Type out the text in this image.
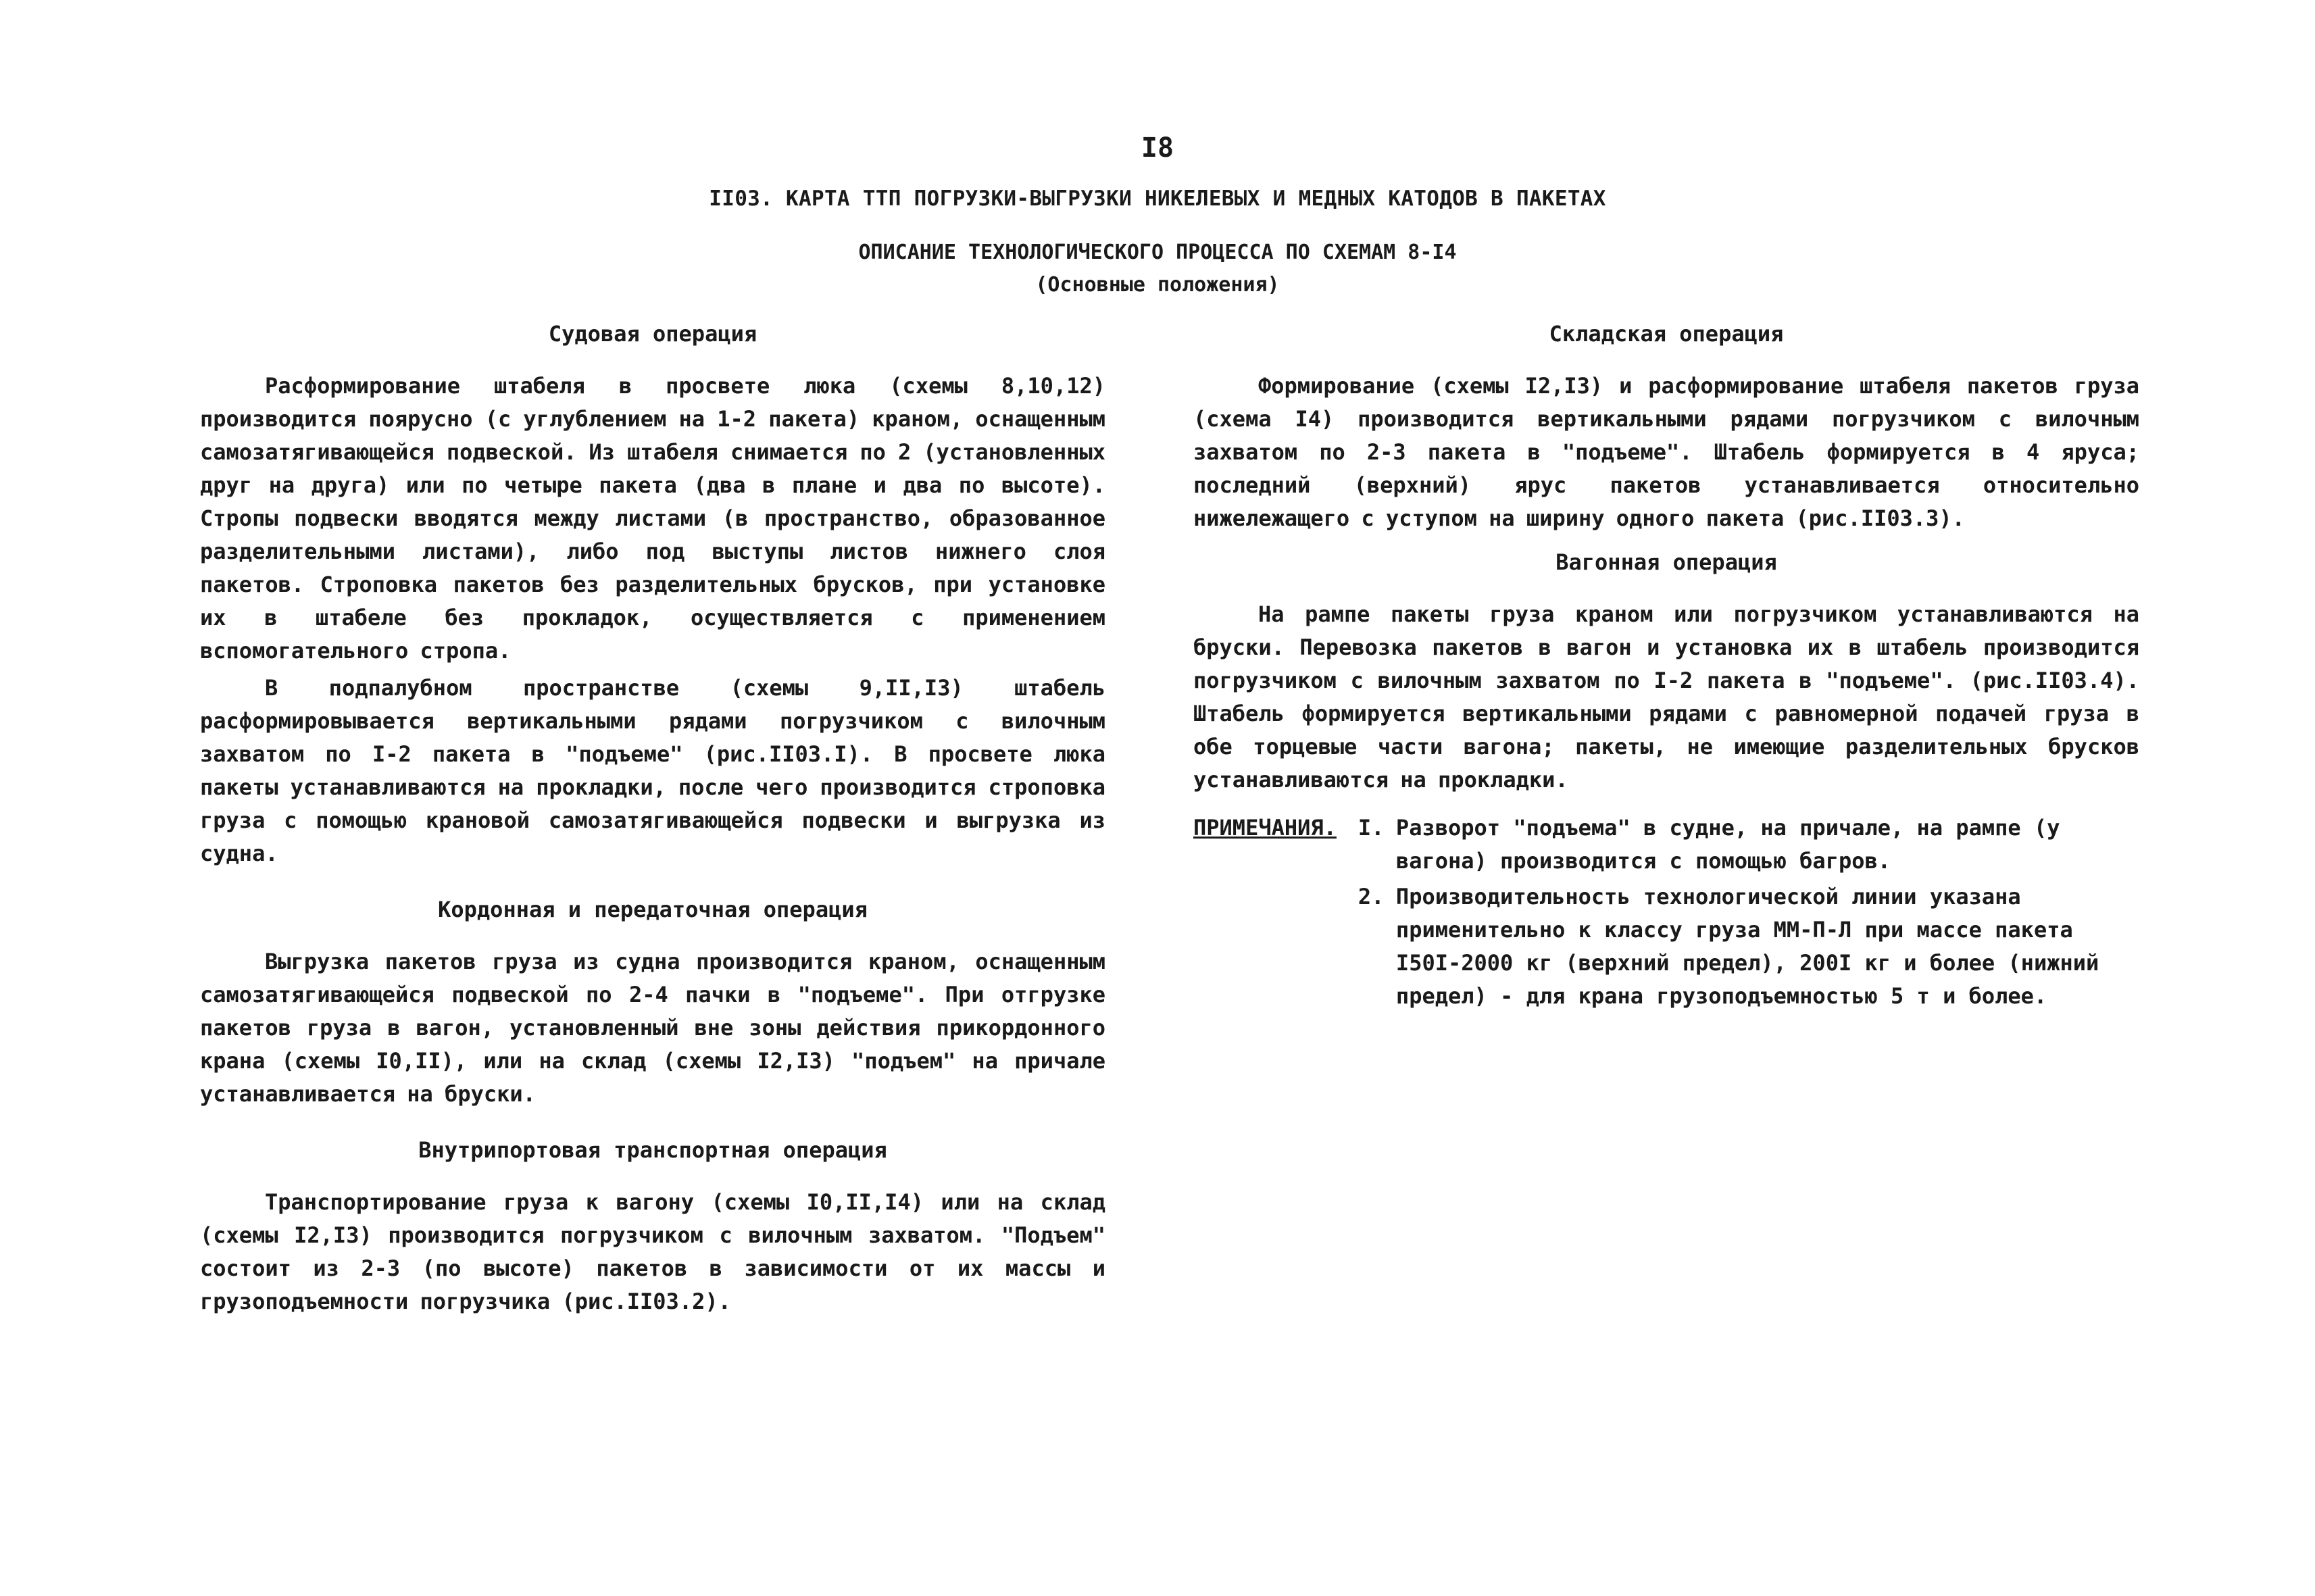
I8
II03. КАРТА ТТП ПОГРУЗКИ-ВЫГРУЗКИ НИКЕЛЕВЫХ И МЕДНЫХ КАТОДОВ В ПАКЕТАХ
ОПИСАНИЕ ТЕХНОЛОГИЧЕСКОГО ПРОЦЕССА ПО СХЕМАМ 8-I4
(Основные положения)
Судовая операция

Расформирование штабеля в просвете люка (схемы 8,10,12) производится поярусно (с углублением на 1-2 пакета) краном, оснащенным самозатягивающейся подвеской. Из штабеля снимается по 2 (установленных друг на друга) или по четыре пакета (два в плане и два по высоте). Стропы подвески вводятся между листами (в пространство, образованное разделительными листами), либо под выступы листов нижнего слоя пакетов. Строповка пакетов без разделительных брусков, при установке их в штабеле без прокладок, осуществляется с применением вспомогательного стропа.

В подпалубном пространстве (схемы 9,II,I3) штабель расформировывается вертикальными рядами погрузчиком с вилочным захватом по I-2 пакета в "подъеме" (рис.II03.I). В просвете люка пакеты устанавливаются на прокладки, после чего производится строповка груза с помощью крановой самозатягивающейся подвески и выгрузка из судна.

Кордонная и передаточная операция

Выгрузка пакетов груза из судна производится краном, оснащенным самозатягивающейся подвеской по 2-4 пачки в "подъеме". При отгрузке пакетов груза в вагон, установленный вне зоны действия прикордонного крана (схемы I0,II), или на склад (схемы I2,I3) "подъем" на причале устанавливается на бруски.

Внутрипортовая транспортная операция

Транспортирование груза к вагону (схемы I0,II,I4) или на склад (схемы I2,I3) производится погрузчиком с вилочным захватом. "Подъем" состоит из 2-3 (по высоте) пакетов в зависимости от их массы и грузоподъемности погрузчика (рис.II03.2).

Складская операция

Формирование (схемы I2,I3) и расформирование штабеля пакетов груза (схема I4) производится вертикальными рядами погрузчиком с вилочным захватом по 2-3 пакета в "подъеме". Штабель формируется в 4 яруса; последний (верхний) ярус пакетов устанавливается относительно нижележащего с уступом на ширину одного пакета (рис.II03.3).

Вагонная операция

На рампе пакеты груза краном или погрузчиком устанавливаются на бруски. Перевозка пакетов в вагон и установка их в штабель производится погрузчиком с вилочным захватом по I-2 пакета в "подъеме". (рис.II03.4). Штабель формируется вертикальными рядами с равномерной подачей груза в обе торцевые части вагона; пакеты, не имеющие разделительных брусков устанавливаются на прокладки.

ПРИМЕЧАНИЯ. I. Разворот "подъема" в судне, на причале, на рампе (у вагона) производится с помощью багров.
2. Производительность технологической линии указана применительно к классу груза ММ-П-Л при массе пакета I50I-2000 кг (верхний предел), 200I кг и более (нижний предел) - для крана грузоподъемностью 5 т и более.
